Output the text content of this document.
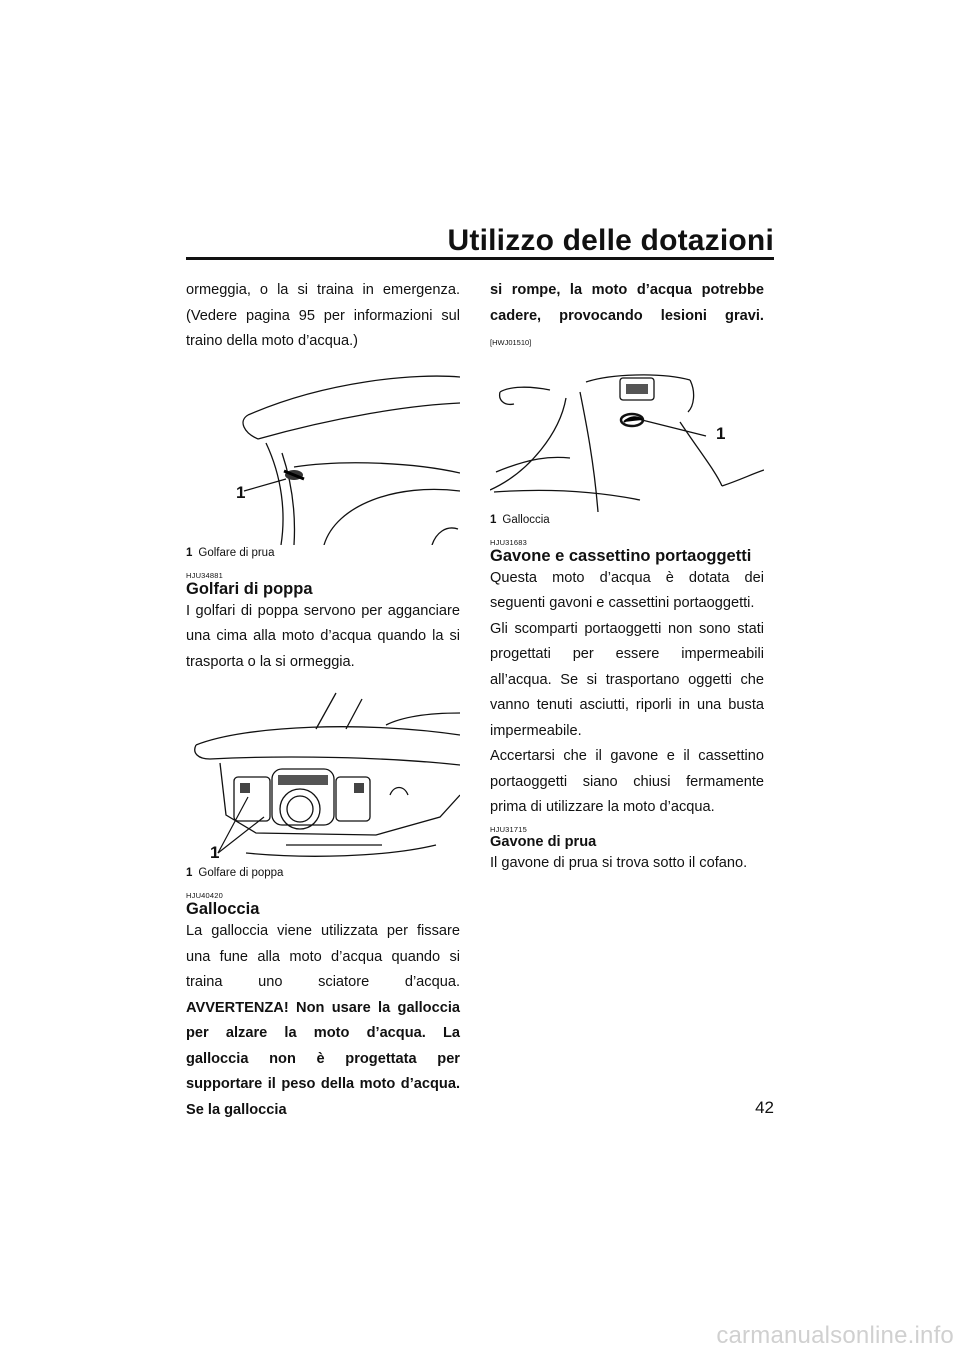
Utilizzo delle dotazioni

ormeggia, o la si traina in emergenza. (Vedere pagina 95 per informazioni sul traino della moto d’acqua.)

1
1 Golfare di prua
HJU34881
Golfari di poppa

I golfari di poppa servono per agganciare una cima alla moto d’acqua quando la si trasporta o la si ormeggia.

1
1 Golfare di poppa
HJU40420
Galloccia

La galloccia viene utilizzata per fissare una fune alla moto d’acqua quando si traina uno sciatore d’acqua. AVVERTENZA! Non usare la galloccia per alzare la moto d’acqua. La galloccia non è progettata per supportare il peso della moto d’acqua. Se la galloccia

si rompe, la moto d’acqua potrebbe cadere, provocando lesioni gravi. [HWJ01510]

1
1 Galloccia
HJU31683
Gavone e cassettino portaoggetti

Questa moto d’acqua è dotata dei seguenti gavoni e cassettini portaoggetti.

Gli scomparti portaoggetti non sono stati progettati per essere impermeabili all’acqua. Se si trasportano oggetti che vanno tenuti asciutti, riporli in una busta impermeabile.

Accertarsi che il gavone e il cassettino portaoggetti siano chiusi fermamente prima di utilizzare la moto d’acqua.

HJU31715
Gavone di prua

Il gavone di prua si trova sotto il cofano.

42
carmanualsonline.info
